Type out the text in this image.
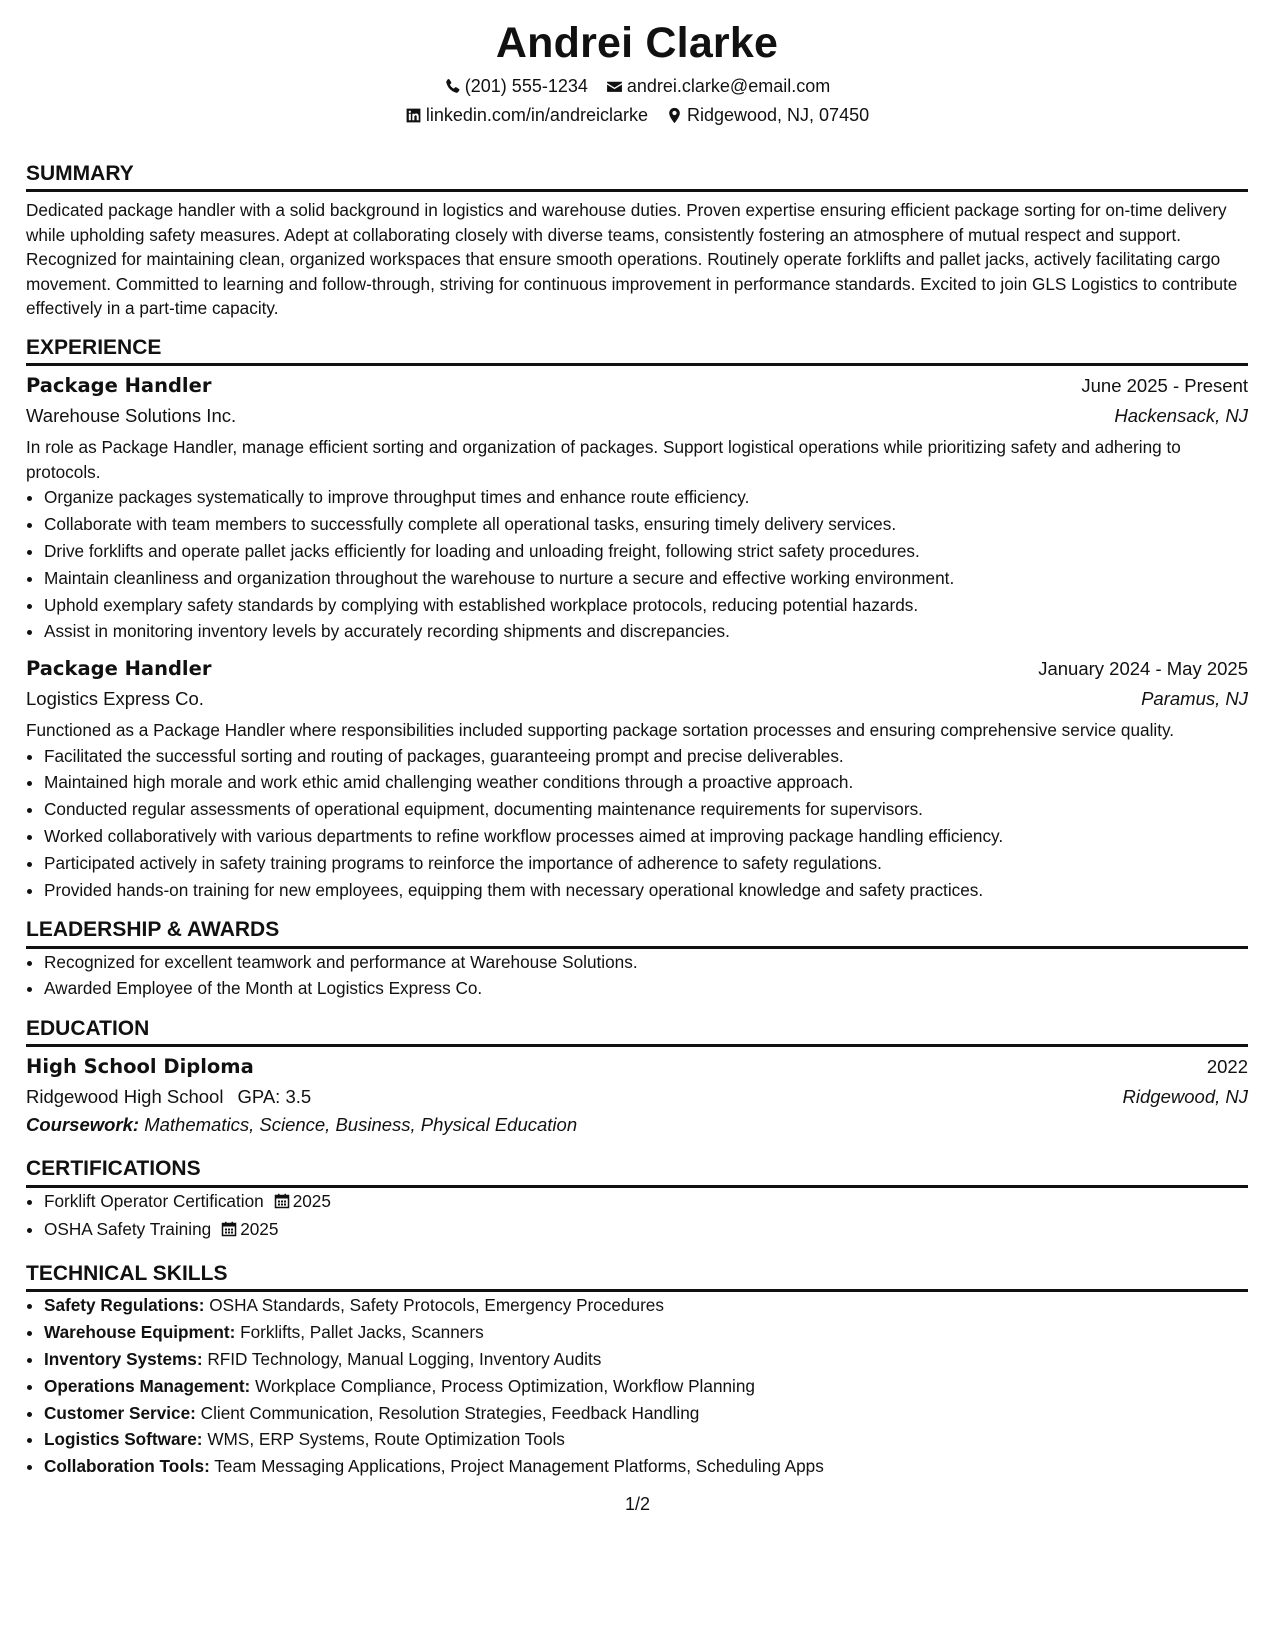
Andrei Clarke
(201) 555-1234 andrei.clarke@email.com
linkedin.com/in/andreiclarke Ridgewood, NJ, 07450
SUMMARY

Dedicated package handler with a solid background in logistics and warehouse duties. Proven expertise ensuring efficient package sorting for on-time delivery while upholding safety measures. Adept at collaborating closely with diverse teams, consistently fostering an atmosphere of mutual respect and support. Recognized for maintaining clean, organized workspaces that ensure smooth operations. Routinely operate forklifts and pallet jacks, actively facilitating cargo movement. Committed to learning and follow-through, striving for continuous improvement in performance standards. Excited to join GLS Logistics to contribute effectively in a part-time capacity.

EXPERIENCE
Package Handler	June 2025 - Present
Warehouse Solutions Inc.	Hackensack, NJ

In role as Package Handler, manage efficient sorting and organization of packages. Support logistical operations while prioritizing safety and adhering to protocols.

• Organize packages systematically to improve throughput times and enhance route efficiency.
• Collaborate with team members to successfully complete all operational tasks, ensuring timely delivery services.
• Drive forklifts and operate pallet jacks efficiently for loading and unloading freight, following strict safety procedures.
• Maintain cleanliness and organization throughout the warehouse to nurture a secure and effective working environment.
• Uphold exemplary safety standards by complying with established workplace protocols, reducing potential hazards.
• Assist in monitoring inventory levels by accurately recording shipments and discrepancies.
Package Handler	January 2024 - May 2025
Logistics Express Co.	Paramus, NJ

Functioned as a Package Handler where responsibilities included supporting package sortation processes and ensuring comprehensive service quality.

• Facilitated the successful sorting and routing of packages, guaranteeing prompt and precise deliverables.
• Maintained high morale and work ethic amid challenging weather conditions through a proactive approach.
• Conducted regular assessments of operational equipment, documenting maintenance requirements for supervisors.
• Worked collaboratively with various departments to refine workflow processes aimed at improving package handling efficiency.
• Participated actively in safety training programs to reinforce the importance of adherence to safety regulations.
• Provided hands-on training for new employees, equipping them with necessary operational knowledge and safety practices.
LEADERSHIP & AWARDS
• Recognized for excellent teamwork and performance at Warehouse Solutions.
• Awarded Employee of the Month at Logistics Express Co.
EDUCATION
High School Diploma	2022
Ridgewood High School GPA: 3.5	Ridgewood, NJ
Coursework: Mathematics, Science, Business, Physical Education
CERTIFICATIONS
• Forklift Operator Certification 2025
• OSHA Safety Training 2025
TECHNICAL SKILLS
• Safety Regulations: OSHA Standards, Safety Protocols, Emergency Procedures
• Warehouse Equipment: Forklifts, Pallet Jacks, Scanners
• Inventory Systems: RFID Technology, Manual Logging, Inventory Audits
• Operations Management: Workplace Compliance, Process Optimization, Workflow Planning
• Customer Service: Client Communication, Resolution Strategies, Feedback Handling
• Logistics Software: WMS, ERP Systems, Route Optimization Tools
• Collaboration Tools: Team Messaging Applications, Project Management Platforms, Scheduling Apps
1/2
